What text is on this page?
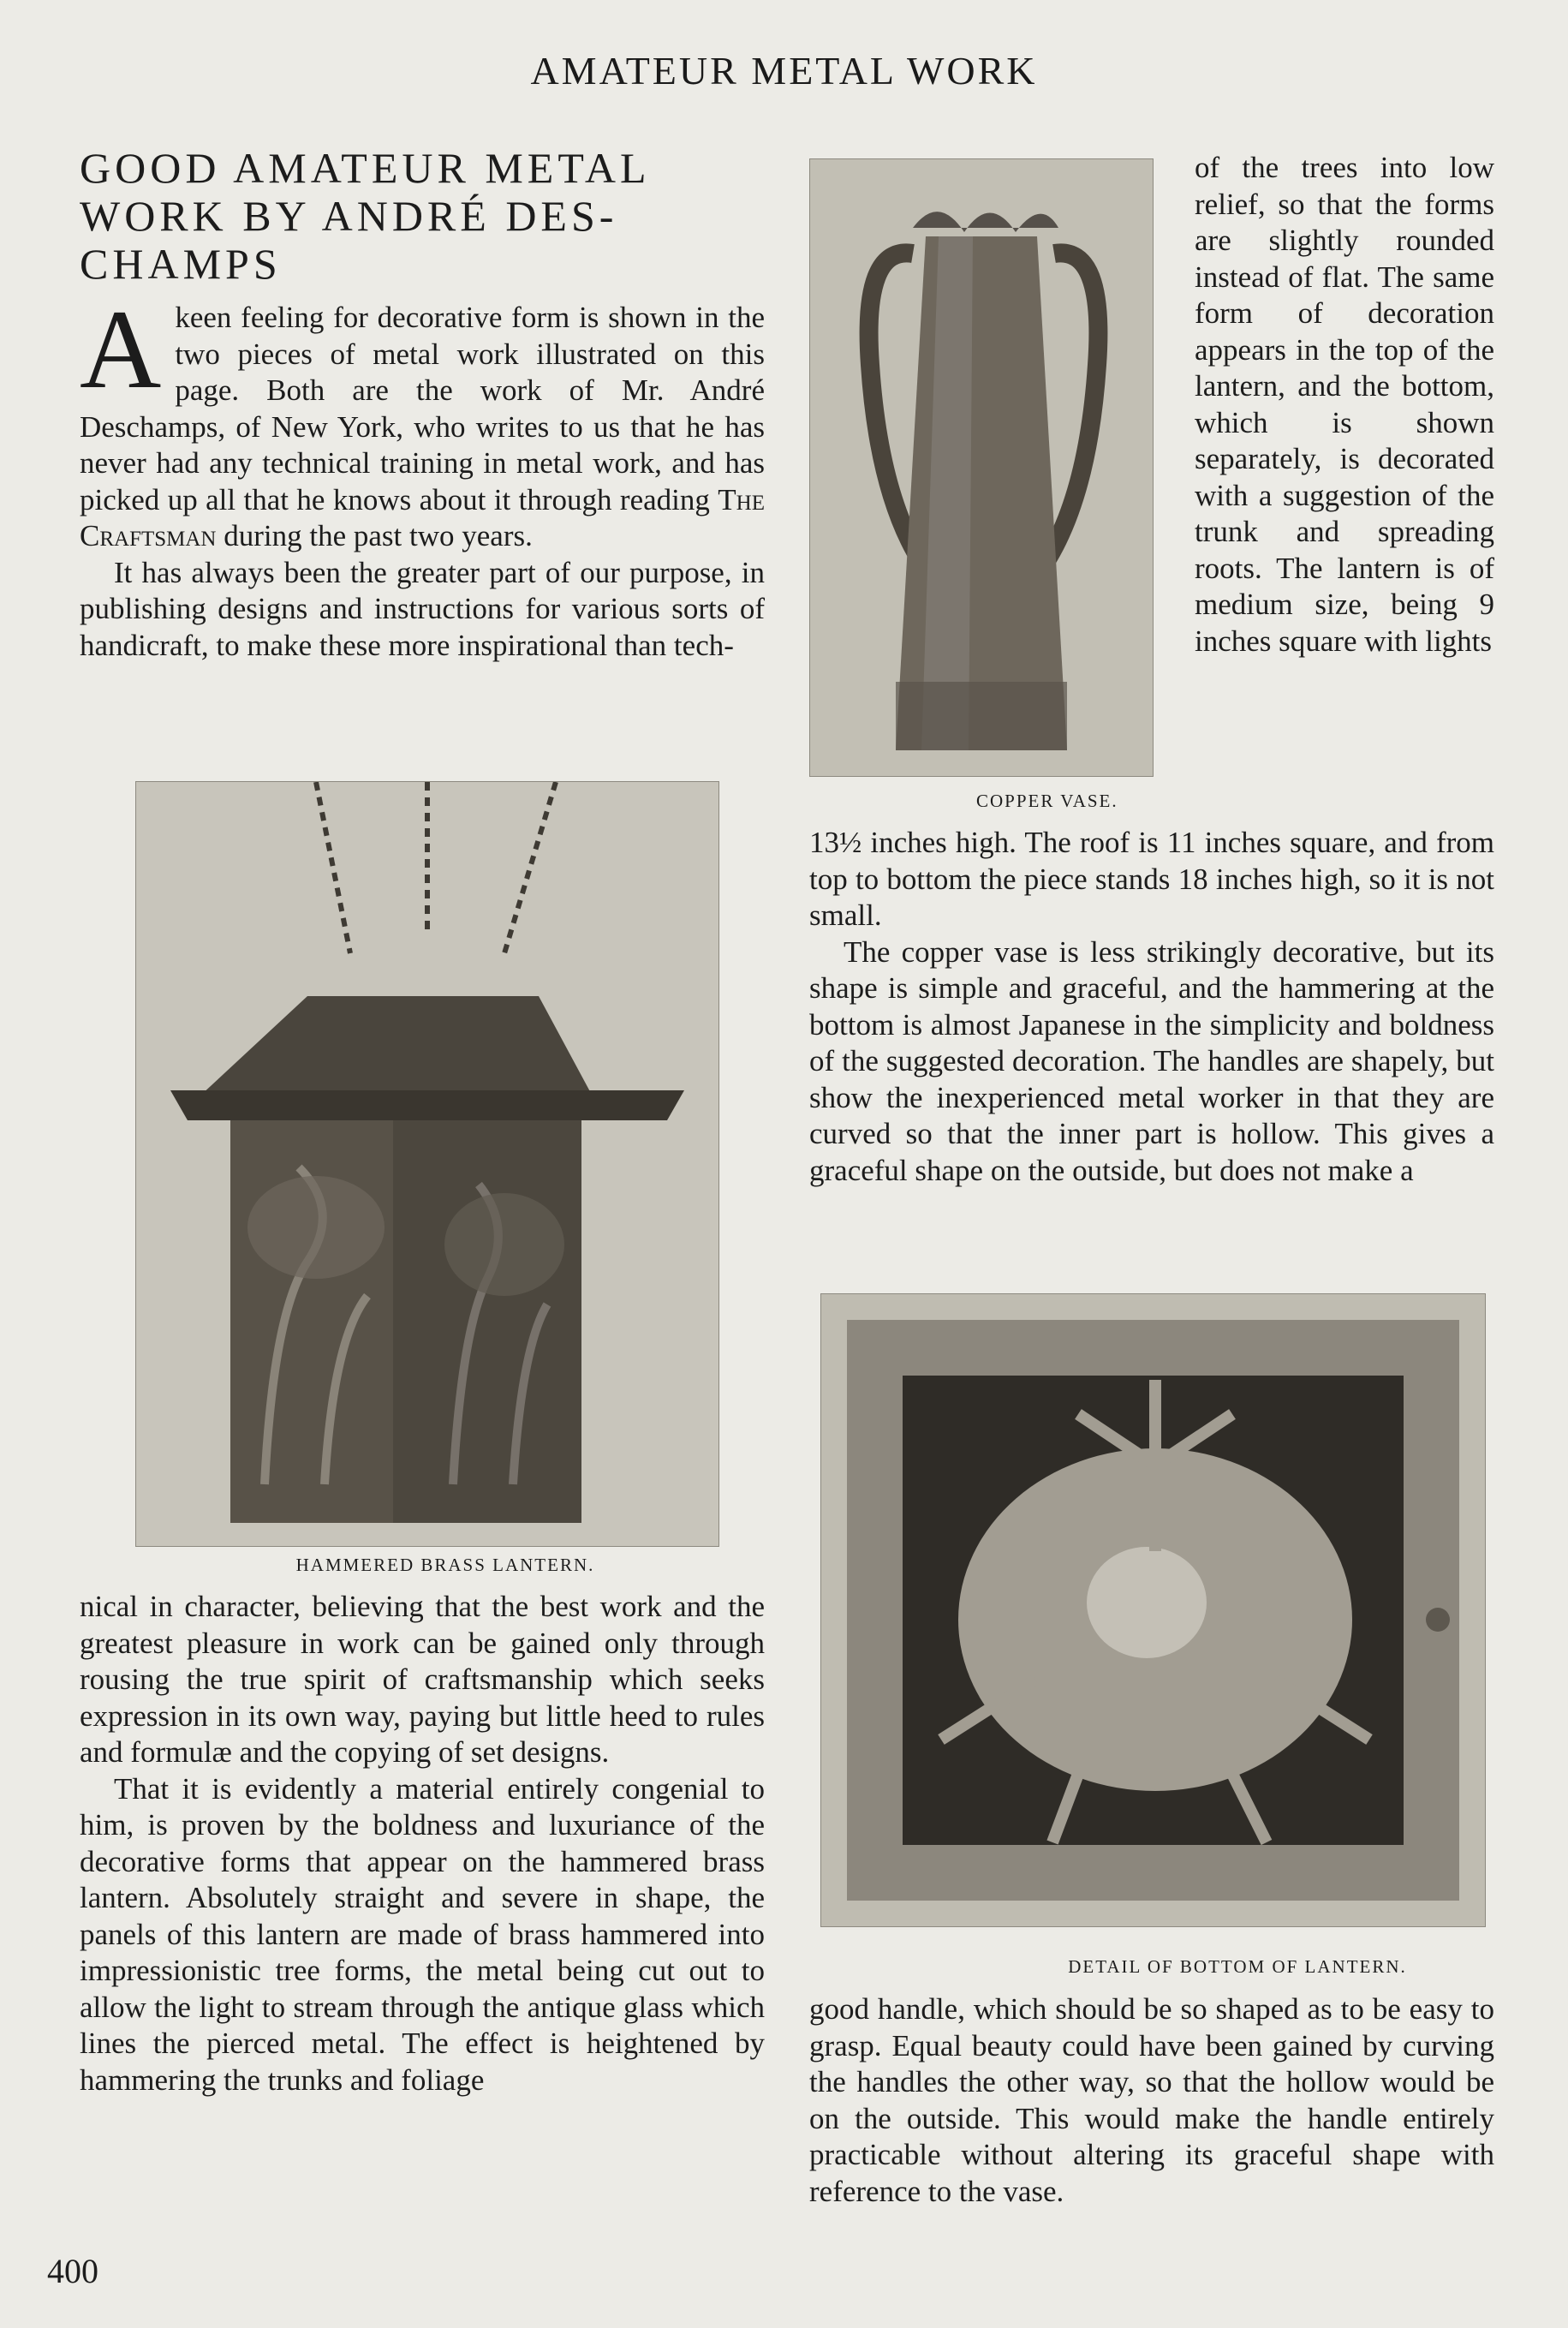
AMATEUR METAL WORK
GOOD AMATEUR METAL WORK BY ANDRÉ DES-CHAMPS

Akeen feeling for decorative form is shown in the two pieces of metal work illustrated on this page. Both are the work of Mr. André Deschamps, of New York, who writes to us that he has never had any technical training in metal work, and has picked up all that he knows about it through reading The Craftsman during the past two years.

It has always been the greater part of our purpose, in publishing designs and instructions for various sorts of handicraft, to make these more inspirational than tech-

COPPER VASE.

of the trees into low relief, so that the forms are slightly rounded instead of flat. The same form of decoration appears in the top of the lantern, and the bottom, which is shown separately, is decorated with a suggestion of the trunk and spreading roots. The lantern is of medium size, being 9 inches square with lights

13½ inches high. The roof is 11 inches square, and from top to bottom the piece stands 18 inches high, so it is not small.

The copper vase is less strikingly decorative, but its shape is simple and graceful, and the hammering at the bottom is almost Japanese in the simplicity and boldness of the suggested decoration. The handles are shapely, but show the inexperienced metal worker in that they are curved so that the inner part is hollow. This gives a graceful shape on the outside, but does not make a

HAMMERED BRASS LANTERN.

nical in character, believing that the best work and the greatest pleasure in work can be gained only through rousing the true spirit of craftsmanship which seeks expression in its own way, paying but little heed to rules and formulæ and the copying of set designs.

That it is evidently a material entirely congenial to him, is proven by the boldness and luxuriance of the decorative forms that appear on the hammered brass lantern. Absolutely straight and severe in shape, the panels of this lantern are made of brass hammered into impressionistic tree forms, the metal being cut out to allow the light to stream through the antique glass which lines the pierced metal. The effect is heightened by hammering the trunks and foliage

DETAIL OF BOTTOM OF LANTERN.

good handle, which should be so shaped as to be easy to grasp. Equal beauty could have been gained by curving the handles the other way, so that the hollow would be on the outside. This would make the handle entirely practicable without altering its graceful shape with reference to the vase.

400
